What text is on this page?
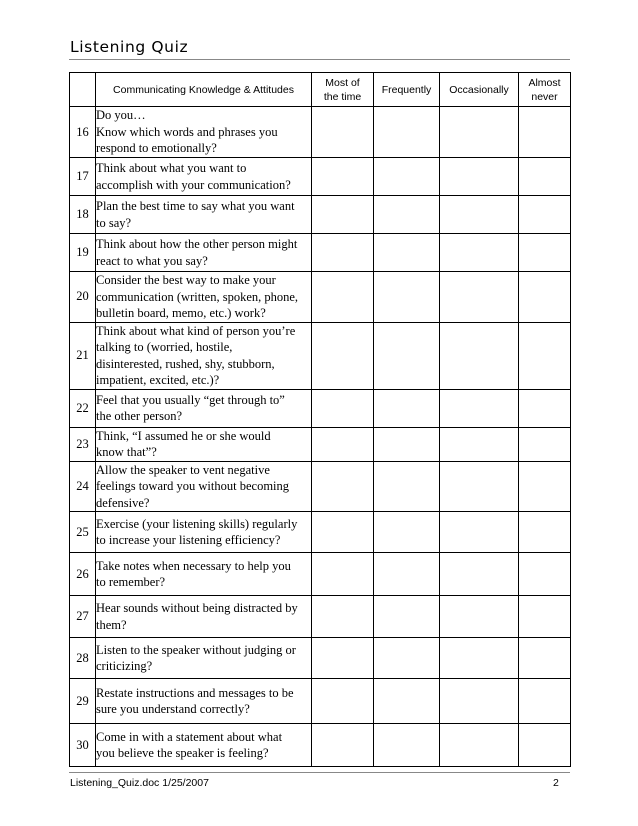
Listening Quiz
	Communicating Knowledge & Attitudes	Most of
the time	Frequently	Occasionally	Almost
never
16	Do you…
Know which words and phrases you
respond to emotionally?				

17	Think about what you want to
accomplish with your communication?				

18	Plan the best time to say what you want
to say?				

19	Think about how the other person might
react to what you say?				

20	Consider the best way to make your
communication (written, spoken, phone,
bulletin board, memo, etc.) work?				

21	Think about what kind of person you’re
talking to (worried, hostile,
disinterested, rushed, shy, stubborn,
impatient, excited, etc.)?				

22	Feel that you usually “get through to”
the other person?				

23	Think, “I assumed he or she would
know that”?				

24	Allow the speaker to vent negative
feelings toward you without becoming
defensive?				

25	Exercise (your listening skills) regularly
to increase your listening efficiency?				

26	Take notes when necessary to help you
to remember?				

27	Hear sounds without being distracted by
them?				

28	Listen to the speaker without judging or
criticizing?				

29	Restate instructions and messages to be
sure you understand correctly?				

30	Come in with a statement about what
you believe the speaker is feeling?				

Listening_Quiz.doc 1/25/2007	2
